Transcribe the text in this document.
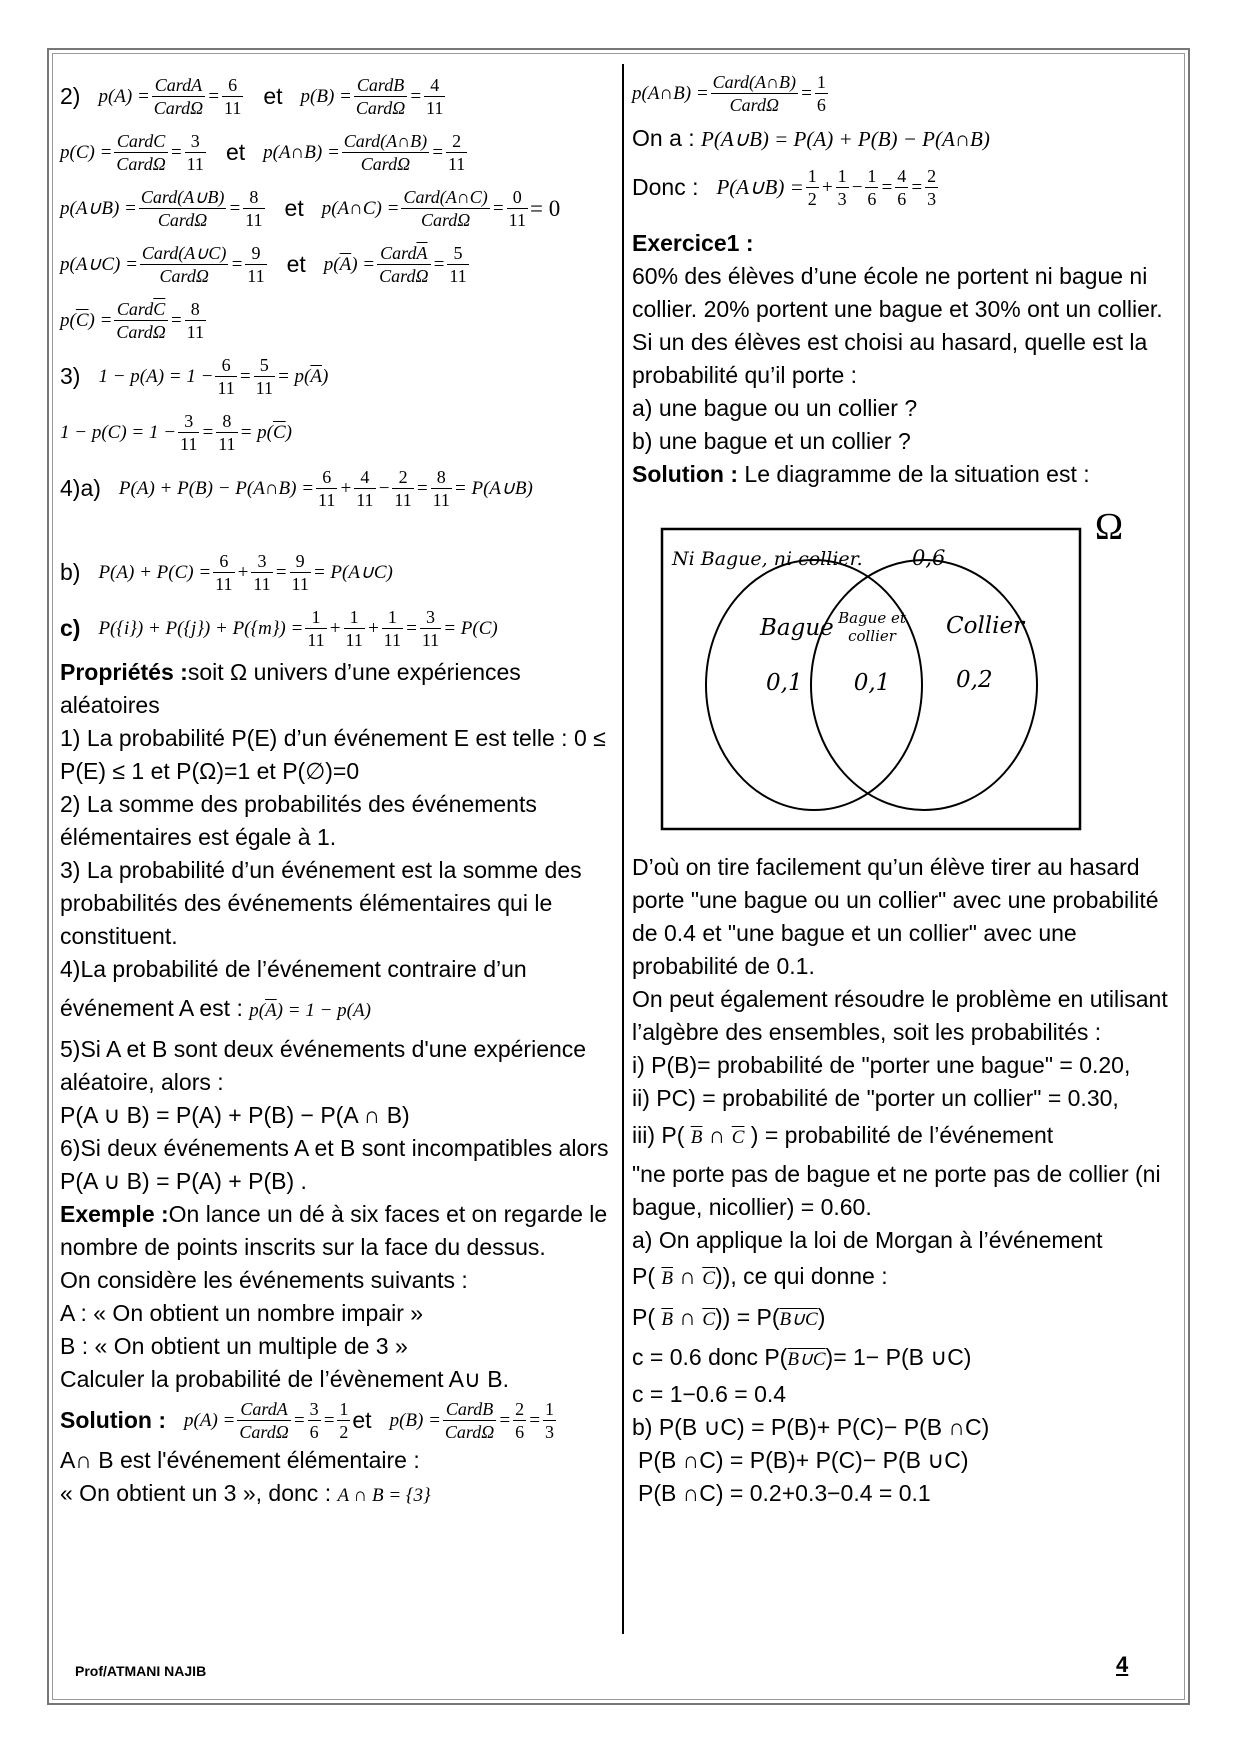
2) $p(A) = \frac{\text{CardA}}{\text{CardΩ}} = \frac{6}{11}$ et $p(B) = \frac{\text{CardB}}{\text{CardΩ}} = \frac{4}{11}$
$p(C) = \frac{\text{CardC}}{\text{CardΩ}} = \frac{3}{11}$ et p(A∩B) = $\frac{\text{Card(A∩B)}}{\text{CardΩ}} = \frac{2}{11}$
p(A∪B) = $\frac{\text{Card(A∪B)}}{\text{CardΩ}} = \frac{8}{11}$ et p(A∩C) = $\frac{\text{Card(A∩C)}}{\text{CardΩ}} = \frac{0}{11} = 0$
p(A∪C) = $\frac{\text{Card(A∪C)}}{\text{CardΩ}} = \frac{9}{11}$ et $p(\overline{A}) = \frac{Card\overline{A}}{\text{CardΩ}} = \frac{5}{11}$
$p(\overline{C}) = \frac{Card\overline{C}}{\text{CardΩ}} = \frac{8}{11}$
3) $1 - p(A) = 1 - \frac{6}{11} = \frac{5}{11} = p(\overline{A})$
$1 - p(C) = 1 - \frac{3}{11} = \frac{8}{11} = p(\overline{C})$
4)a) P(A) + P(B) − P(A∩B) = $\frac{6}{11} + \frac{4}{11} - \frac{2}{11} = \frac{8}{11}$ = P(A∪B)
b) $P(A) + P(C) = \frac{6}{11} + \frac{3}{11} = \frac{9}{11}$ = P(A∪C)
c) $P(\{i\}) + P(\{j\}) + P(\{m\}) = \frac{1}{11} + \frac{1}{11} + \frac{1}{11} = \frac{3}{11} = P(C)$
Propriétés :soit Ω univers d’une expériences aléatoires
1) La probabilité P(E) d’un événement E est telle : 0 ≤ P(E) ≤ 1 et P(Ω)=1 et P(∅)=0
2) La somme des probabilités des événements élémentaires est égale à 1.
3) La probabilité d’un événement est la somme des probabilités des événements élémentaires qui le constituent.
4)La probabilité de l’événement contraire d’un
événement A est : $p(\overline{A}) = 1 - p(A)$
5)Si A et B sont deux événements d'une expérience aléatoire, alors :
P(A ∪ B) = P(A) + P(B) − P(A ∩ B)
6)Si deux événements A et B sont incompatibles alors P(A ∪ B) = P(A) + P(B) .
Exemple :On lance un dé à six faces et on regarde le nombre de points inscrits sur la face du dessus.
On considère les événements suivants :
A : « On obtient un nombre impair »
B : « On obtient un multiple de 3 »
Calculer la probabilité de l’évènement A∪ B.
Solution : $p(A) = \frac{\text{CardA}}{\text{CardΩ}} = \frac{3}{6} = \frac{1}{2}$ et $p(B) = \frac{\text{CardB}}{\text{CardΩ}} = \frac{2}{6} = \frac{1}{3}$
A∩ B est l'événement élémentaire :
« On obtient un 3 », donc : A ∩ B = {3}
p(A∩B) = $\frac{\text{Card(A∩B)}}{\text{CardΩ}} = \frac{1}{6}$
On a : P(A∪B) = P(A) + P(B) − P(A∩B)
Donc : P(A∪B) = $\frac{1}{2} + \frac{1}{3} - \frac{1}{6} = \frac{4}{6} = \frac{2}{3}$
Exercice1 :
60% des élèves d’une école ne portent ni bague ni collier. 20% portent une bague et 30% ont un collier.
Si un des élèves est choisi au hasard, quelle est la probabilité qu’il porte :
a) une bague ou un collier ?
b) une bague et un collier ?
Solution : Le diagramme de la situation est :
Ω
Ni Bague, ni collier. 0,6
Bague
0,1
Bague et
collier
0,1
Collier
0,2
D’où on tire facilement qu’un élève tirer au hasard porte "une bague ou un collier" avec une probabilité de 0.4 et "une bague et un collier" avec une probabilité de 0.1.
On peut également résoudre le problème en utilisant l’algèbre des ensembles, soit les probabilités :
i) P(B)= probabilité de "porter une bague" = 0.20,
ii) PC) = probabilité de "porter un collier" = 0.30,
iii) P( $\overline{B}$ ∩ $\overline{C}$ ) = probabilité de l’événement
"ne porte pas de bague et ne porte pas de collier (ni bague, nicollier) = 0.60.
a) On applique la loi de Morgan à l’événement
P( $\overline{B}$ ∩ $\overline{C}$)), ce qui donne :
P( $\overline{B}$ ∩ $\overline{C}$)) = P(B∪C)
c = 0.6 donc P(B∪C)= 1− P(B ∪C)
c = 1−0.6 = 0.4
b) P(B ∪C) = P(B)+ P(C)− P(B ∩C)
P(B ∩C) = P(B)+ P(C)− P(B ∪C)
P(B ∩C) = 0.2+0.3−0.4 = 0.1
Prof/ATMANI NAJIB	4
